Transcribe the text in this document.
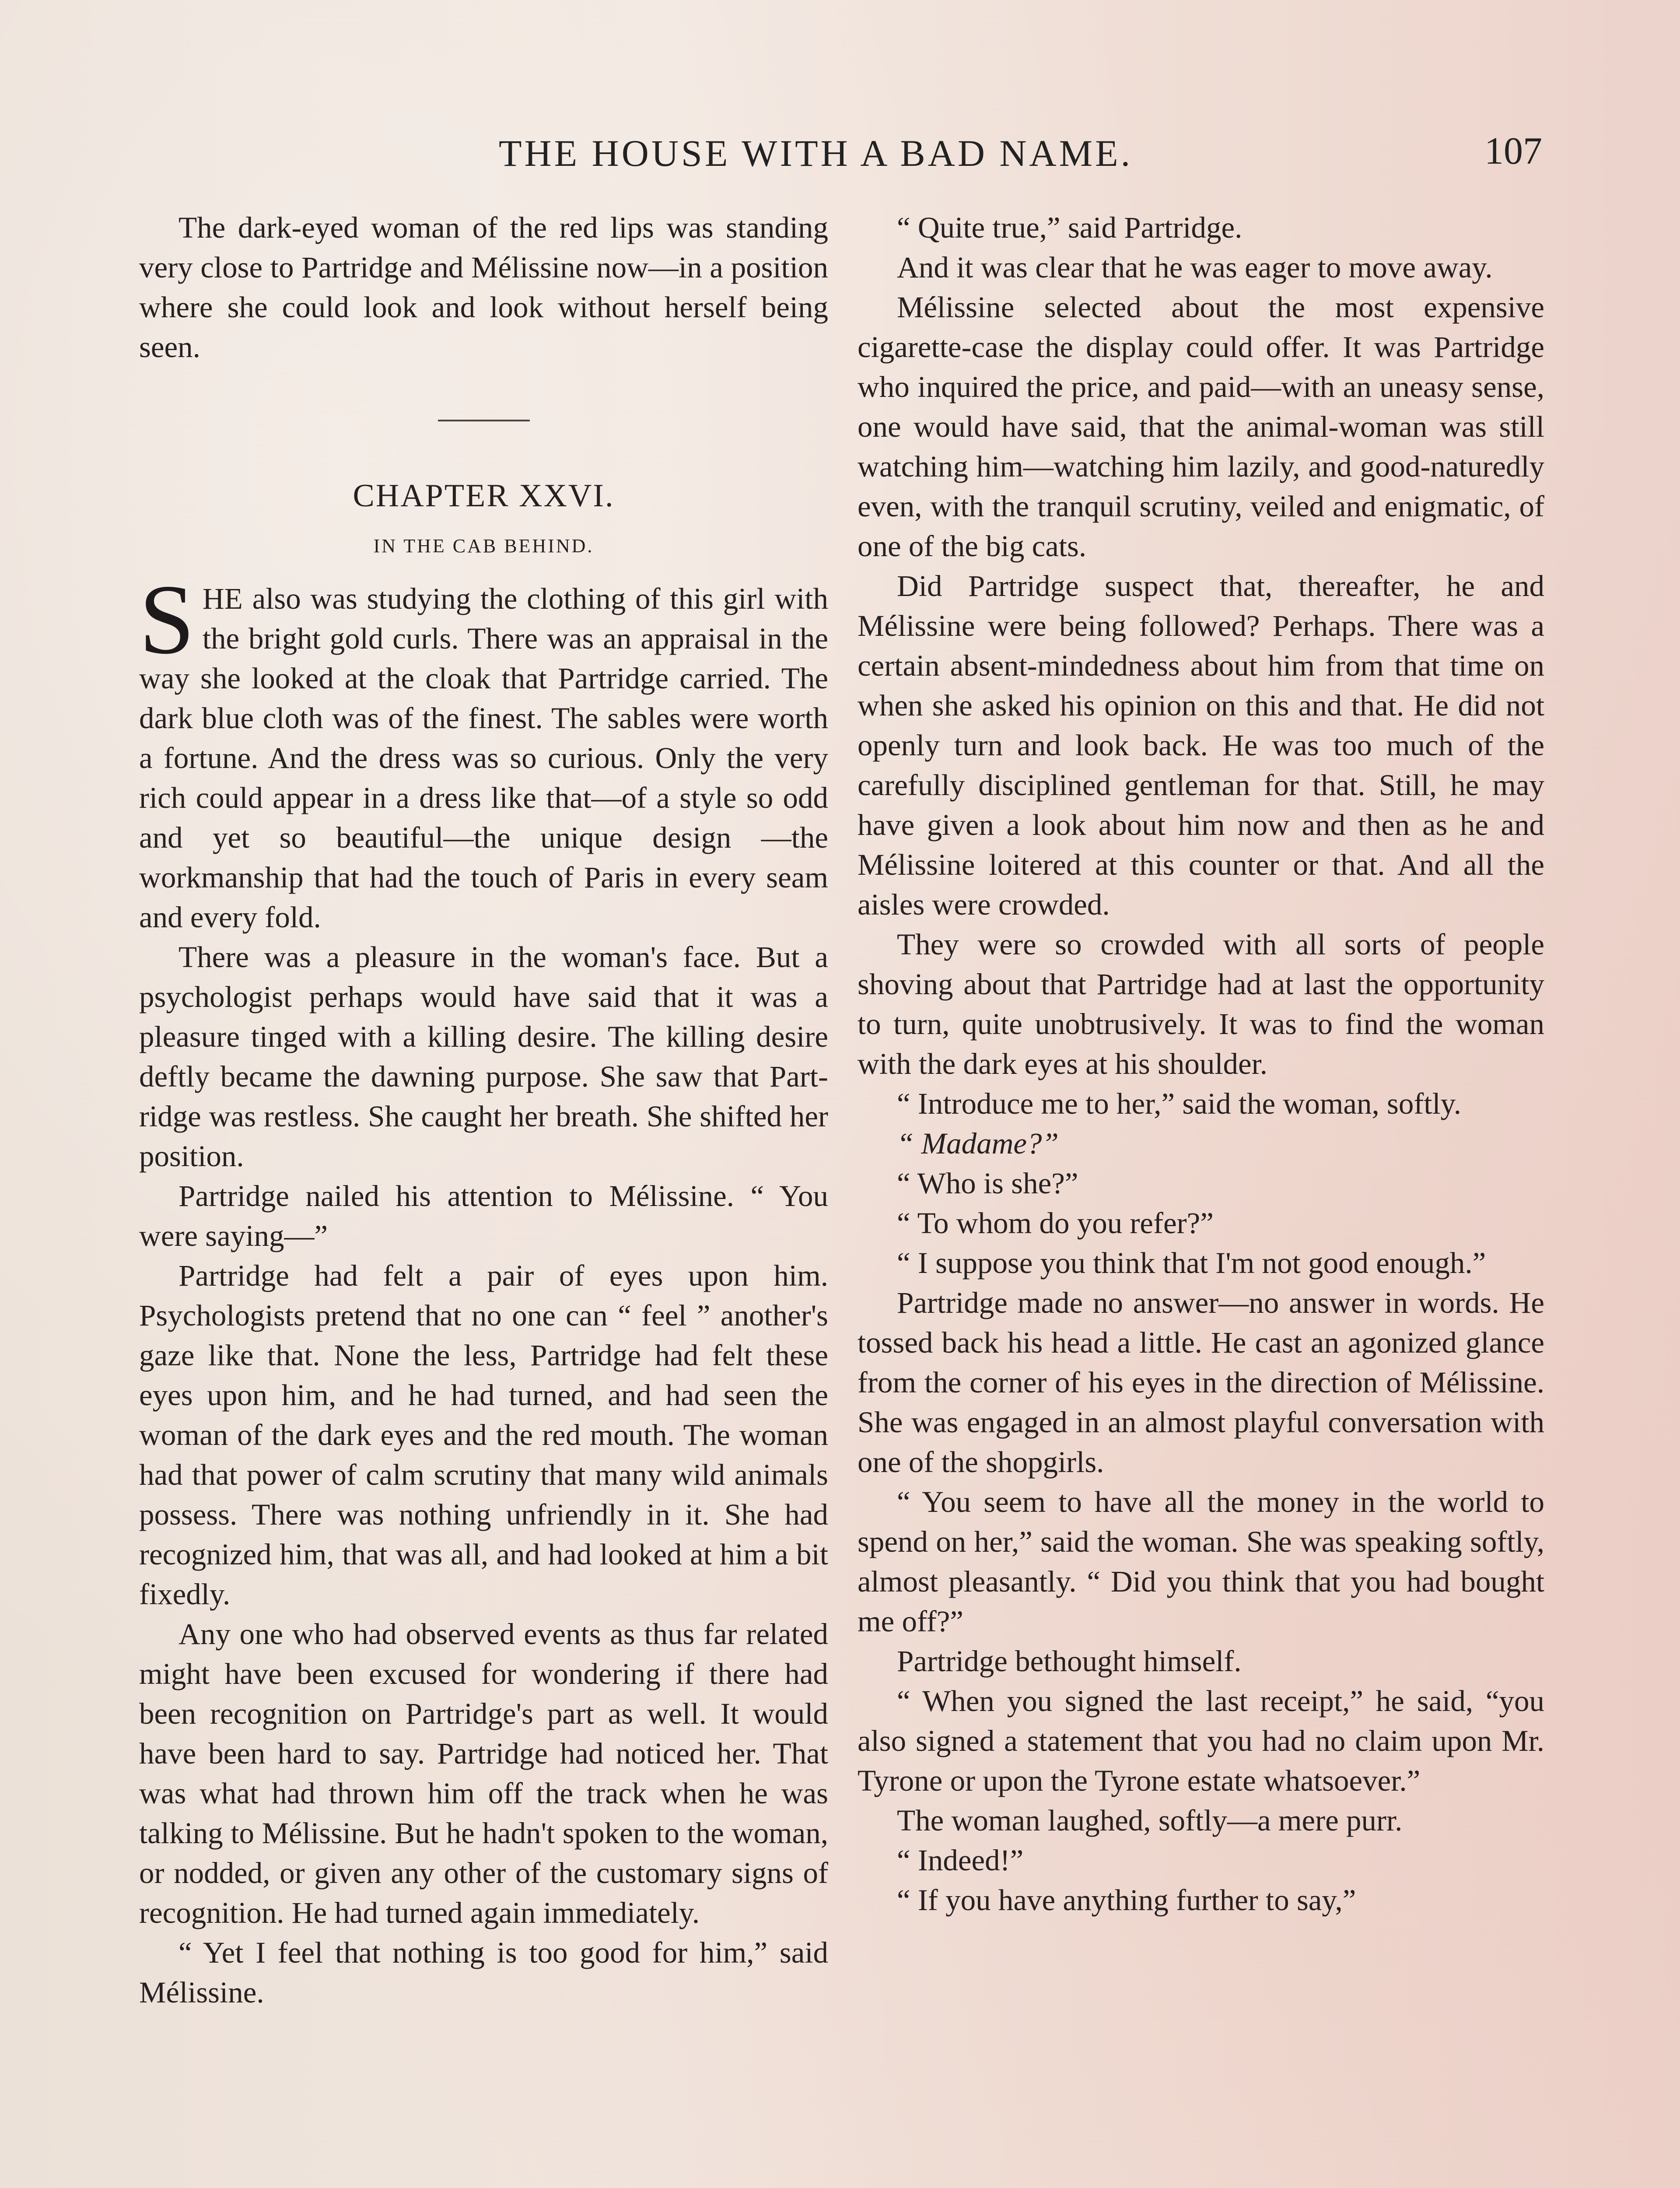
THE HOUSE WITH A BAD NAME.	107

The dark-eyed woman of the red lips was standing very close to Partridge and Mélissine now—in a position where she could look and look without herself being seen.

CHAPTER XXVI.
IN THE CAB BEHIND.

SHE also was studying the clothing of this girl with the bright gold curls. There was an appraisal in the way she looked at the cloak that Partridge carried. The dark blue cloth was of the finest. The sables were worth a fortune. And the dress was so curious. Only the very rich could appear in a dress like that—of a style so odd and yet so beautiful—the unique design —the workmanship that had the touch of Paris in every seam and every fold.

There was a pleasure in the woman's face. But a psychologist perhaps would have said that it was a pleasure tinged with a killing desire. The killing desire deftly became the dawning purpose. She saw that Partridge was restless. She caught her breath. She shifted her position.

Partridge nailed his attention to Mélissine. “ You were saying—”

Partridge had felt a pair of eyes upon him. Psychologists pretend that no one can “ feel ” another's gaze like that. None the less, Partridge had felt these eyes upon him, and he had turned, and had seen the woman of the dark eyes and the red mouth. The woman had that power of calm scrutiny that many wild animals possess. There was nothing unfriendly in it. She had recognized him, that was all, and had looked at him a bit fixedly.

Any one who had observed events as thus far related might have been excused for wondering if there had been recognition on Partridge's part as well. It would have been hard to say. Partridge had noticed her. That was what had thrown him off the track when he was talking to Mélissine. But he hadn't spoken to the woman, or nodded, or given any other of the customary signs of recognition. He had turned again immediately.

“ Yet I feel that nothing is too good for him,” said Mélissine.

“ Quite true,” said Partridge.

And it was clear that he was eager to move away.

Mélissine selected about the most expensive cigarette-case the display could offer. It was Partridge who inquired the price, and paid—with an uneasy sense, one would have said, that the animal-woman was still watching him—watching him lazily, and good-naturedly even, with the tranquil scrutiny, veiled and enigmatic, of one of the big cats.

Did Partridge suspect that, thereafter, he and Mélissine were being followed? Perhaps. There was a certain absent-mindedness about him from that time on when she asked his opinion on this and that. He did not openly turn and look back. He was too much of the carefully disciplined gentleman for that. Still, he may have given a look about him now and then as he and Mélissine loitered at this counter or that. And all the aisles were crowded.

They were so crowded with all sorts of people shoving about that Partridge had at last the opportunity to turn, quite unobtrusively. It was to find the woman with the dark eyes at his shoulder.

“ Introduce me to her,” said the woman, softly.

“ Madame?”

“ Who is she?”

“ To whom do you refer?”

“ I suppose you think that I'm not good enough.”

Partridge made no answer—no answer in words. He tossed back his head a little. He cast an agonized glance from the corner of his eyes in the direction of Mélissine. She was engaged in an almost playful conversation with one of the shopgirls.

“ You seem to have all the money in the world to spend on her,” said the woman. She was speaking softly, almost pleasantly. “ Did you think that you had bought me off?”

Partridge bethought himself.

“ When you signed the last receipt,” he said, “you also signed a statement that you had no claim upon Mr. Tyrone or upon the Tyrone estate whatsoever.”

The woman laughed, softly—a mere purr.

“ Indeed!”

“ If you have anything further to say,”
